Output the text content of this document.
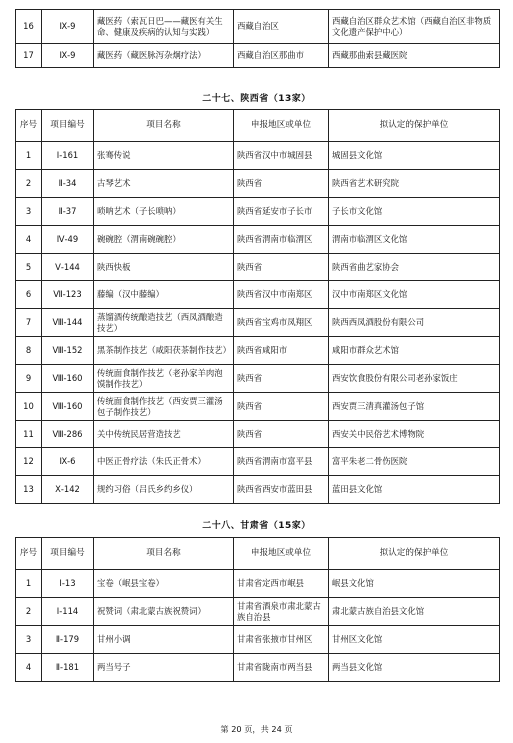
16	Ⅸ-9	藏医药（索瓦日巴——藏医有关生命、健康及疾病的认知与实践）	西藏自治区	西藏自治区群众艺术馆（西藏自治区非物质文化遗产保护中心）
17	Ⅸ-9	藏医药（藏医脉泻杂炯疗法）	西藏自治区那曲市	西藏那曲索县藏医院
二十七、陕西省（13家）
序号	项目编号	项目名称	申报地区或单位	拟认定的保护单位
1	Ⅰ-161	张骞传说	陕西省汉中市城固县	城固县文化馆
2	Ⅱ-34	古琴艺术	陕西省	陕西省艺术研究院
3	Ⅱ-37	唢呐艺术（子长唢呐）	陕西省延安市子长市	子长市文化馆
4	Ⅳ-49	碗碗腔（渭南碗碗腔）	陕西省渭南市临渭区	渭南市临渭区文化馆
5	Ⅴ-144	陕西快板	陕西省	陕西省曲艺家协会
6	Ⅶ-123	藤编（汉中藤编）	陕西省汉中市南郑区	汉中市南郑区文化馆
7	Ⅷ-144	蒸馏酒传统酿造技艺（西凤酒酿造技艺）	陕西省宝鸡市凤翔区	陕西西凤酒股份有限公司
8	Ⅷ-152	黑茶制作技艺（咸阳茯茶制作技艺）	陕西省咸阳市	咸阳市群众艺术馆
9	Ⅷ-160	传统面食制作技艺（老孙家羊肉泡馍制作技艺）	陕西省	西安饮食股份有限公司老孙家饭庄
10	Ⅷ-160	传统面食制作技艺（西安贾三灌汤包子制作技艺）	陕西省	西安贾三清真灌汤包子馆
11	Ⅷ-286	关中传统民居营造技艺	陕西省	西安关中民俗艺术博物院
12	Ⅸ-6	中医正骨疗法（朱氏正骨术）	陕西省渭南市富平县	富平朱老二骨伤医院
13	Ⅹ-142	规约习俗（吕氏乡约乡仪）	陕西省西安市蓝田县	蓝田县文化馆
二十八、甘肃省（15家）
序号	项目编号	项目名称	申报地区或单位	拟认定的保护单位
1	Ⅰ-13	宝卷（岷县宝卷）	甘肃省定西市岷县	岷县文化馆
2	Ⅰ-114	祝赞词（肃北蒙古族祝赞词）	甘肃省酒泉市肃北蒙古族自治县	肃北蒙古族自治县文化馆
3	Ⅱ-179	甘州小调	甘肃省张掖市甘州区	甘州区文化馆
4	Ⅱ-181	两当号子	甘肃省陇南市两当县	两当县文化馆
第 20 页，共 24 页
